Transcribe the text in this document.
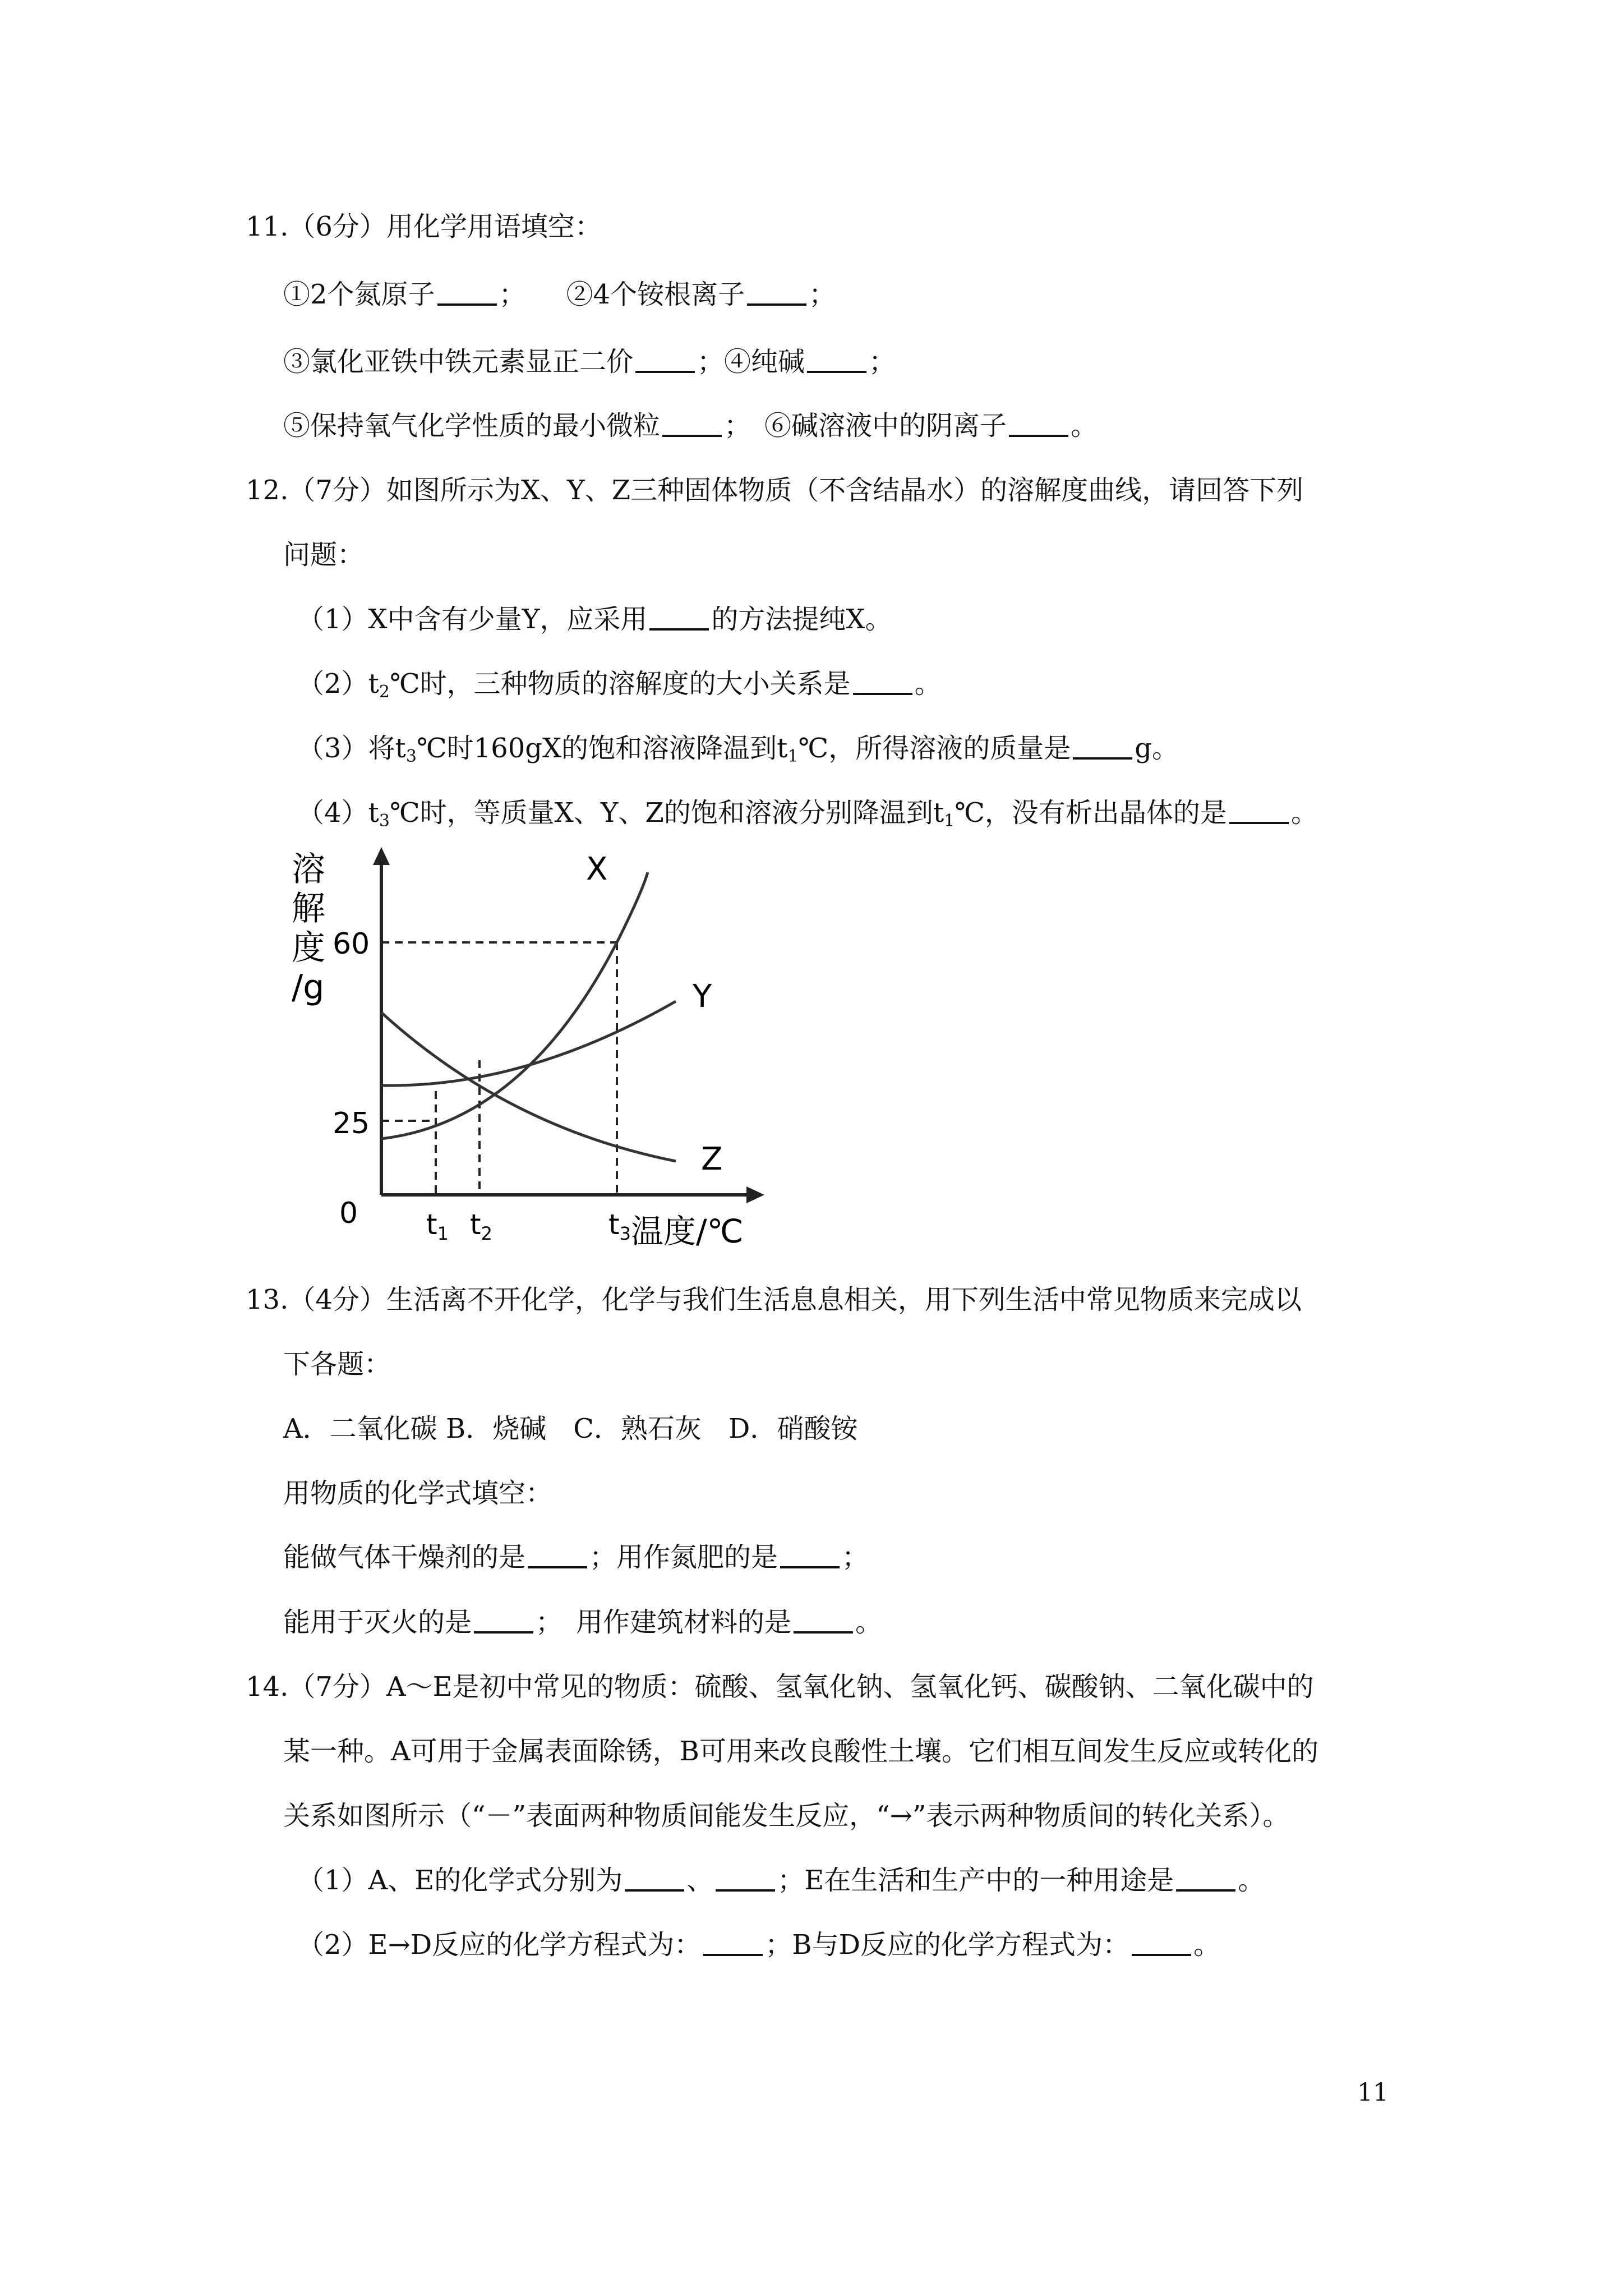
11.（6分）用化学用语填空：
①2个氮原子 ；　　 ②4个铵根离子 ；
③氯化亚铁中铁元素显正二价 ；④纯碱 ；
⑤保持氧气化学性质的最小微粒 ；　 ⑥碱溶液中的阴离子 。
12.（7分）如图所示为X、Y、Z三种固体物质（不含结晶水）的溶解度曲线，请回答下列
问题：
（1）X中含有少量Y，应采用 的方法提纯X。
$(2)t_2℃$时，三种物质的溶解度的大小关系是 。
（3）将$t_3℃$时160gX的饱和溶液降温到$t_1℃$，所得溶液的质量是 g。
$(4)t_3℃$时，等质量X、Y、Z的饱和溶液分别降温到$t_1℃$，没有析出晶体的是 。
溶
解
度
/g
0
60
25
X
Y
Z
$t_1$ $t_2$	$t_3$ 温度/℃
13.（4分）生活离不开化学，化学与我们生活息息相关，用下列生活中常见物质来完成以
下各题：
A．二氧化碳 B．烧碱　C．熟石灰　D．硝酸铵
用物质的化学式填空：
能做气体干燥剂的是 ；用作氮肥的是 ；
能用于灭火的是 ；　用作建筑材料的是 。
14.（7分）A～E是初中常见的物质：硫酸、氢氧化钠、氢氧化钙、碳酸钠、二氧化碳中的
某一种。A可用于金属表面除锈，B可用来改良酸性土壤。它们相互间发生反应或转化的
关系如图所示（“－”表面两种物质间能发生反应，“→”表示两种物质间的转化关系）。
（1）A、E的化学式分别为 、 ；E在生活和生产中的一种用途是 。
（2）E→D反应的化学方程式为： ；B与D反应的化学方程式为： 。
11
